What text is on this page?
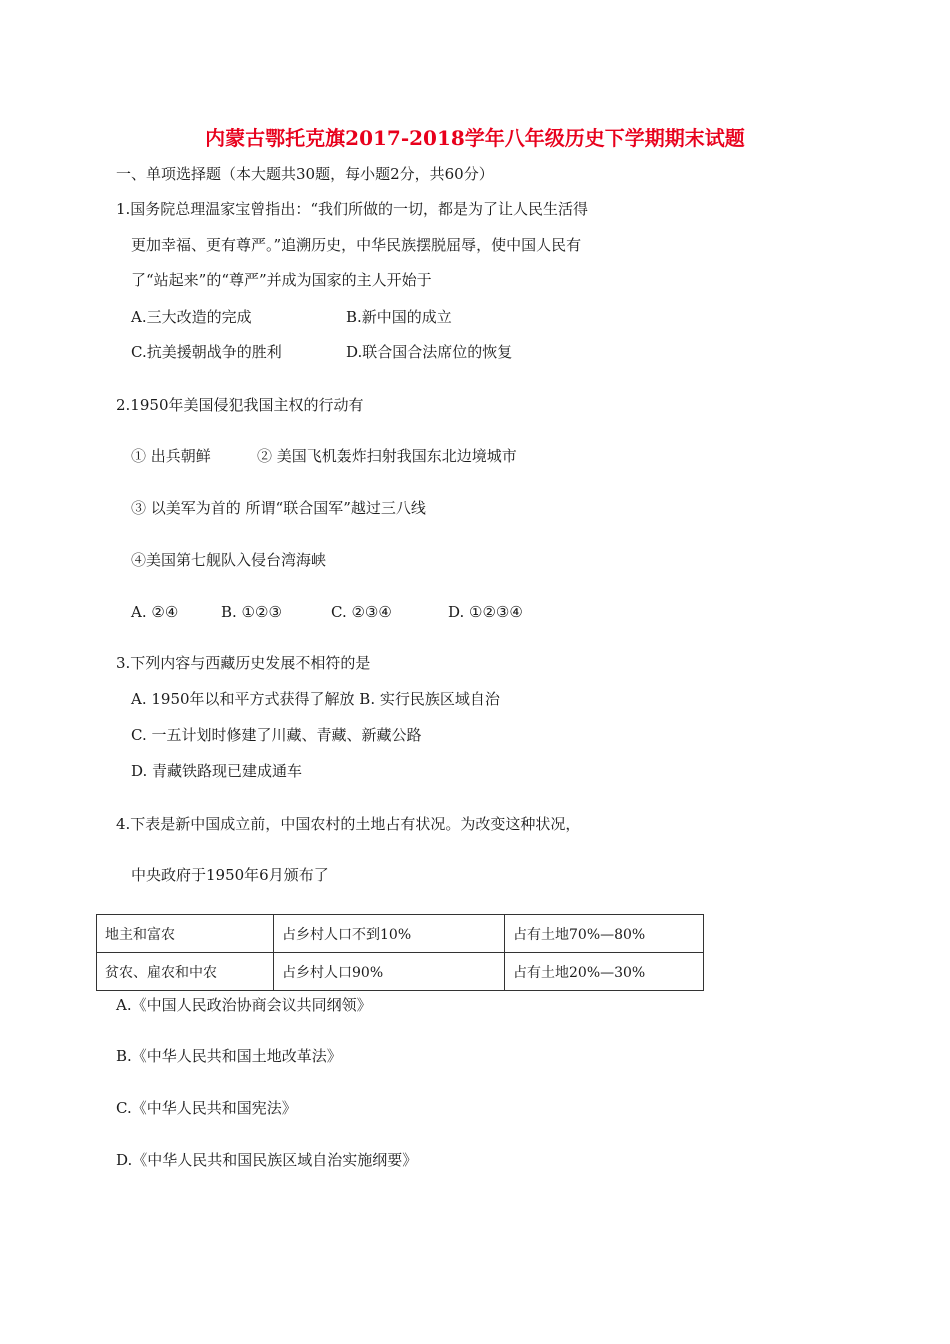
内蒙古鄂托克旗2017-2018学年八年级历史下学期期末试题
一、单项选择题（本大题共30题，每小题2分，共60分）
1.国务院总理温家宝曾指出：“我们所做的一切，都是为了让人民生活得
更加幸福、更有尊严。”追溯历史，中华民族摆脱屈辱，使中国人民有
了“站起来”的“尊严”并成为国家的主人开始于
A.三大改造的完成	B.新中国的成立
C.抗美援朝战争的胜利	D.联合国合法席位的恢复
2.1950年美国侵犯我国主权的行动有
① 出兵朝鲜	② 美国飞机轰炸扫射我国东北边境城市
③ 以美军为首的 所谓“联合国军”越过三八线
④美国第七舰队入侵台湾海峡
A. ②④	B. ①②③	C. ②③④	D. ①②③④
3.下列内容与西藏历史发展不相符的是
A. 1950年以和平方式获得了解放 B. 实行民族区域自治
C. 一五计划时修建了川藏、青藏、新藏公路
D. 青藏铁路现已建成通车
4.下表是新中国成立前，中国农村的土地占有状况。为改变这种状况，
中央政府于1950年6月颁布了
地主和富农	占乡村人口不到10%	占有土地70%—80%
贫农、雇农和中农	占乡村人口90%	占有土地20%—30%
A.《中国人民政治协商会议共同纲领》
B.《中华人民共和国土地改革法》
C.《中华人民共和国宪法》
D.《中华人民共和国民族区域自治实施纲要》
